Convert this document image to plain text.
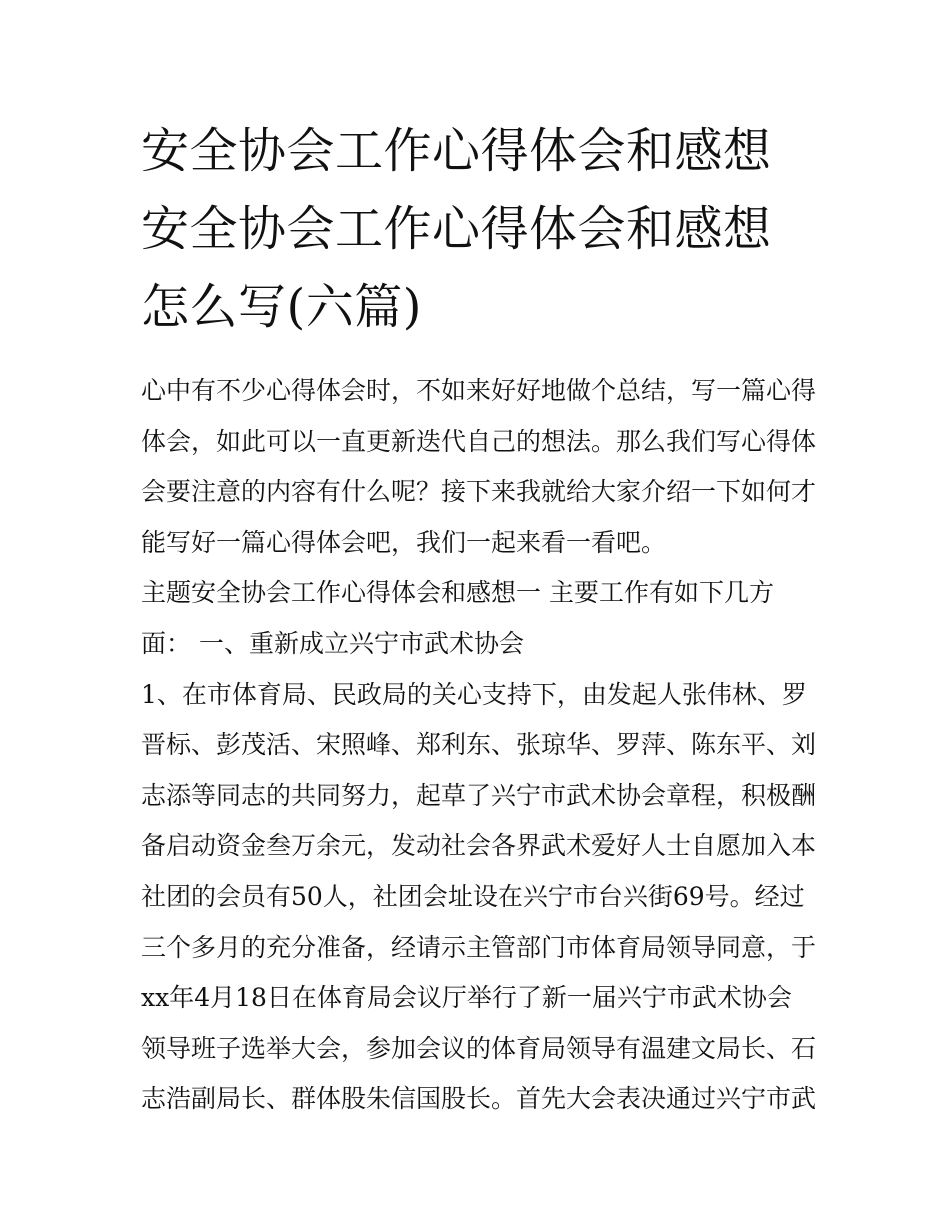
安全协会工作心得体会和感想
安全协会工作心得体会和感想
怎么写(六篇)
心中有不少心得体会时，不如来好好地做个总结，写一篇心得
体会，如此可以一直更新迭代自己的想法。那么我们写心得体
会要注意的内容有什么呢？接下来我就给大家介绍一下如何才
能写好一篇心得体会吧，我们一起来看一看吧。
主题安全协会工作心得体会和感想一 主要工作有如下几方
面： 一、重新成立兴宁市武术协会
1、在市体育局、民政局的关心支持下，由发起人张伟林、罗
晋标、彭茂活、宋照峰、郑利东、张琼华、罗萍、陈东平、刘
志添等同志的共同努力，起草了兴宁市武术协会章程，积极酬
备启动资金叁万余元，发动社会各界武术爱好人士自愿加入本
社团的会员有50人，社团会址设在兴宁市台兴街69号。经过
三个多月的充分准备，经请示主管部门市体育局领导同意，于
xx年4月18日在体育局会议厅举行了新一届兴宁市武术协会
领导班子选举大会，参加会议的体育局领导有温建文局长、石
志浩副局长、群体股朱信国股长。首先大会表决通过兴宁市武
